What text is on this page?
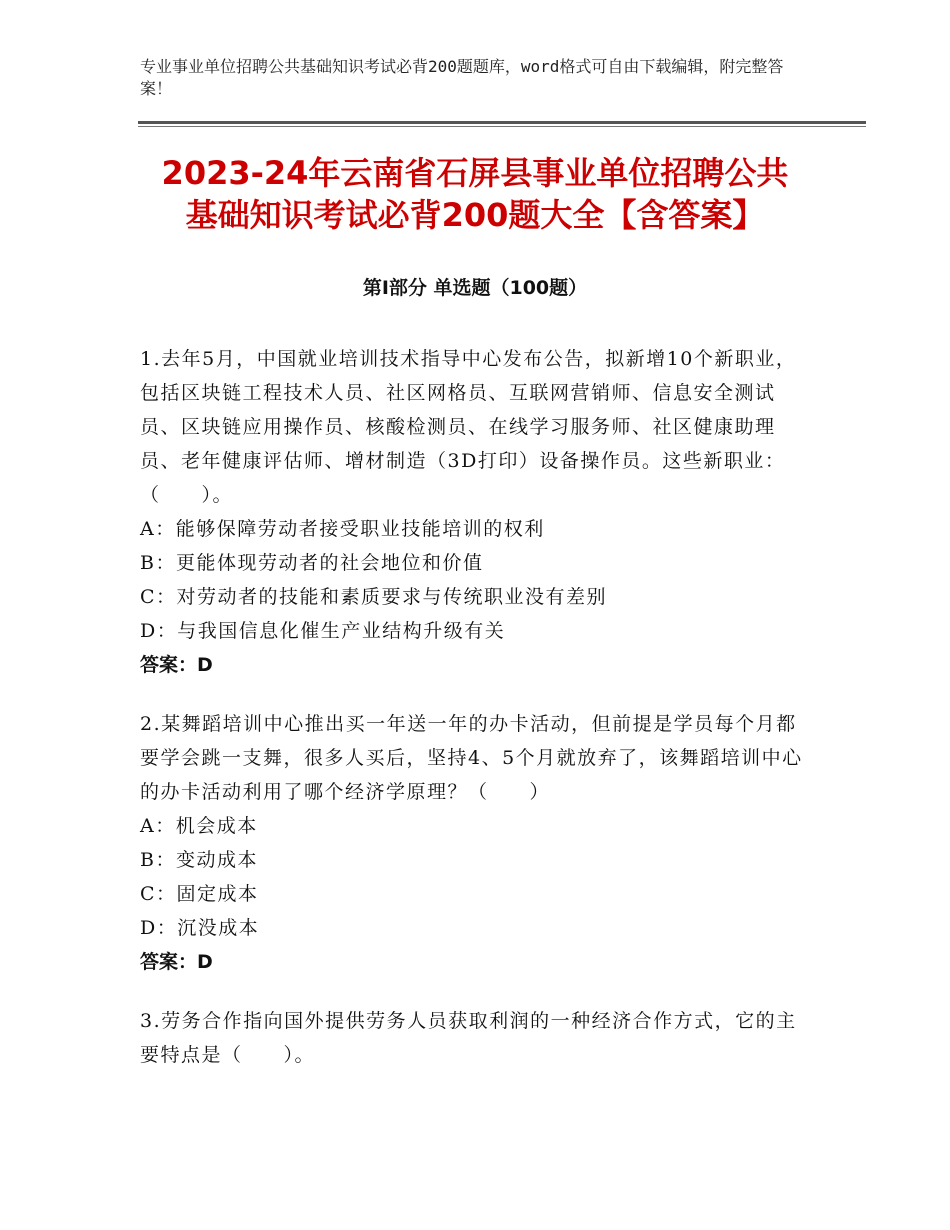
专业事业单位招聘公共基础知识考试必背200题题库，word格式可自由下载编辑，附完整答案！
2023-24年云南省石屏县事业单位招聘公共
基础知识考试必背200题大全【含答案】
第Ⅰ部分 单选题（100题）
1.去年5月，中国就业培训技术指导中心发布公告，拟新增10个新职业，包括区块链工程技术人员、社区网格员、互联网营销师、信息安全测试员、区块链应用操作员、核酸检测员、在线学习服务师、社区健康助理员、老年健康评估师、增材制造（3D打印）设备操作员。这些新职业：（　　）。
A：能够保障劳动者接受职业技能培训的权利
B：更能体现劳动者的社会地位和价值
C：对劳动者的技能和素质要求与传统职业没有差别
D：与我国信息化催生产业结构升级有关
答案：D
2.某舞蹈培训中心推出买一年送一年的办卡活动，但前提是学员每个月都要学会跳一支舞，很多人买后，坚持4、5个月就放弃了，该舞蹈培训中心的办卡活动利用了哪个经济学原理？（　　）
A：机会成本
B：变动成本
C：固定成本
D：沉没成本
答案：D
3.劳务合作指向国外提供劳务人员获取利润的一种经济合作方式，它的主要特点是（　　）。
